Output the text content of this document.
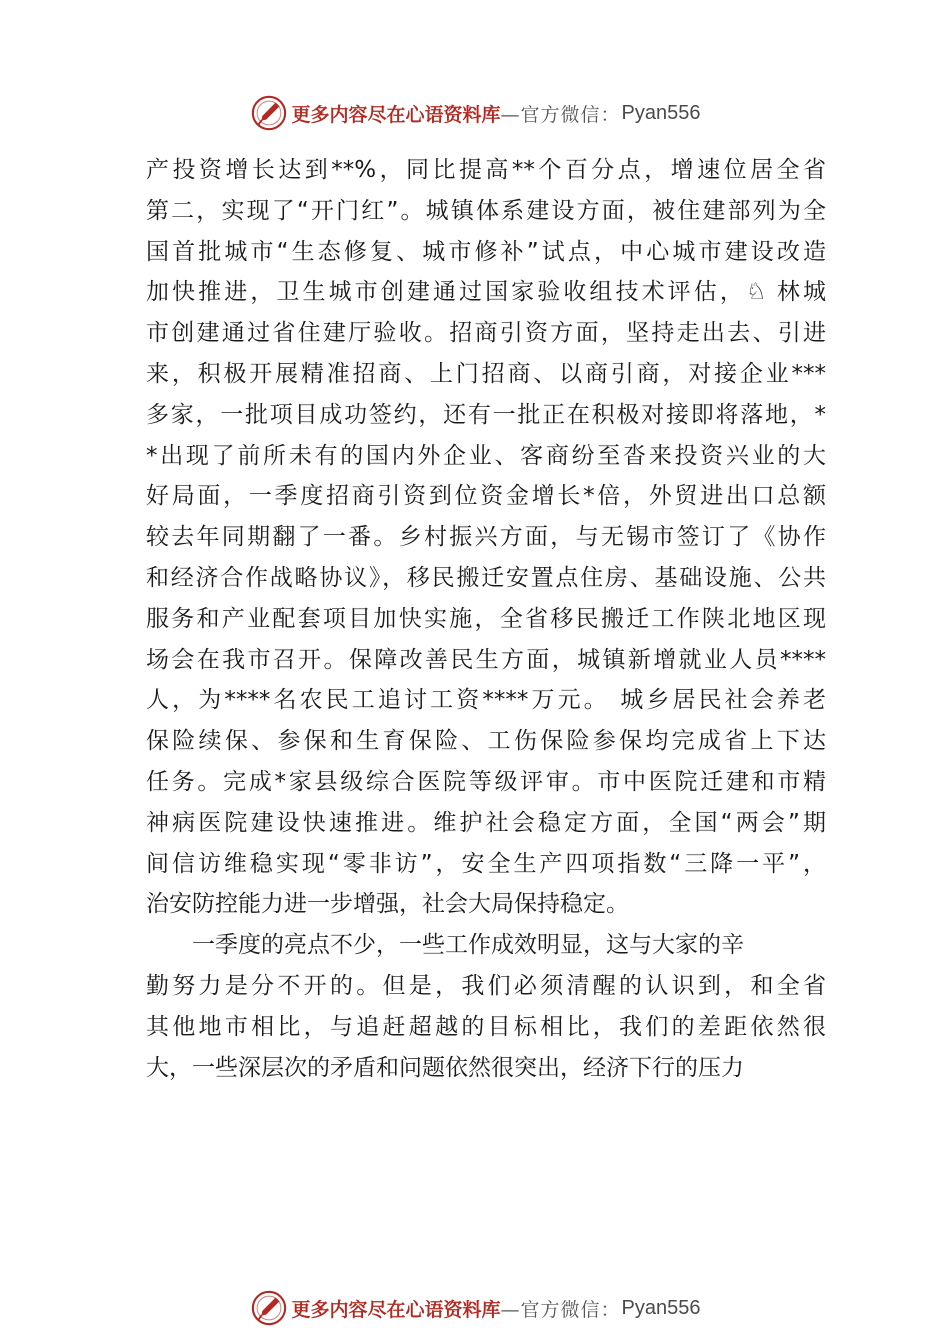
更多内容尽在心语资料库 —官方微信： Pyan556
产投资增长达到**%，同比提高**个百分点，增速位居全省
第二，实现了“开门红”。城镇体系建设方面，被住建部列为全
国首批城市“生态修复、城市修补”试点，中心城市建设改造
加快推进，卫生城市创建通过国家验收组技术评估，♘ 林城
市创建通过省住建厅验收。招商引资方面，坚持走出去、引进
来，积极开展精准招商、上门招商、以商引商，对接企业***
多家，一批项目成功签约，还有一批正在积极对接即将落地，*
*出现了前所未有的国内外企业、客商纷至沓来投资兴业的大
好局面，一季度招商引资到位资金增长*倍，外贸进出口总额
较去年同期翻了一番。乡村振兴方面，与无锡市签订了《协作
和经济合作战略协议》，移民搬迁安置点住房、基础设施、公共
服务和产业配套项目加快实施，全省移民搬迁工作陕北地区现
场会在我市召开。保障改善民生方面，城镇新增就业人员****
人，为****名农民工追讨工资****万元。 城乡居民社会养老
保险续保、参保和生育保险、工伤保险参保均完成省上下达
任务。完成*家县级综合医院等级评审。市中医院迁建和市精
神病医院建设快速推进。维护社会稳定方面，全国“两会”期
间信访维稳实现“零非访”，安全生产四项指数“三降一平”，
治安防控能力进一步增强，社会大局保持稳定。
一季度的亮点不少，一些工作成效明显，这与大家的辛
勤努力是分不开的。但是，我们必须清醒的认识到，和全省
其他地市相比，与追赶超越的目标相比，我们的差距依然很
大，一些深层次的矛盾和问题依然很突出，经济下行的压力
更多内容尽在心语资料库 —官方微信： Pyan556
